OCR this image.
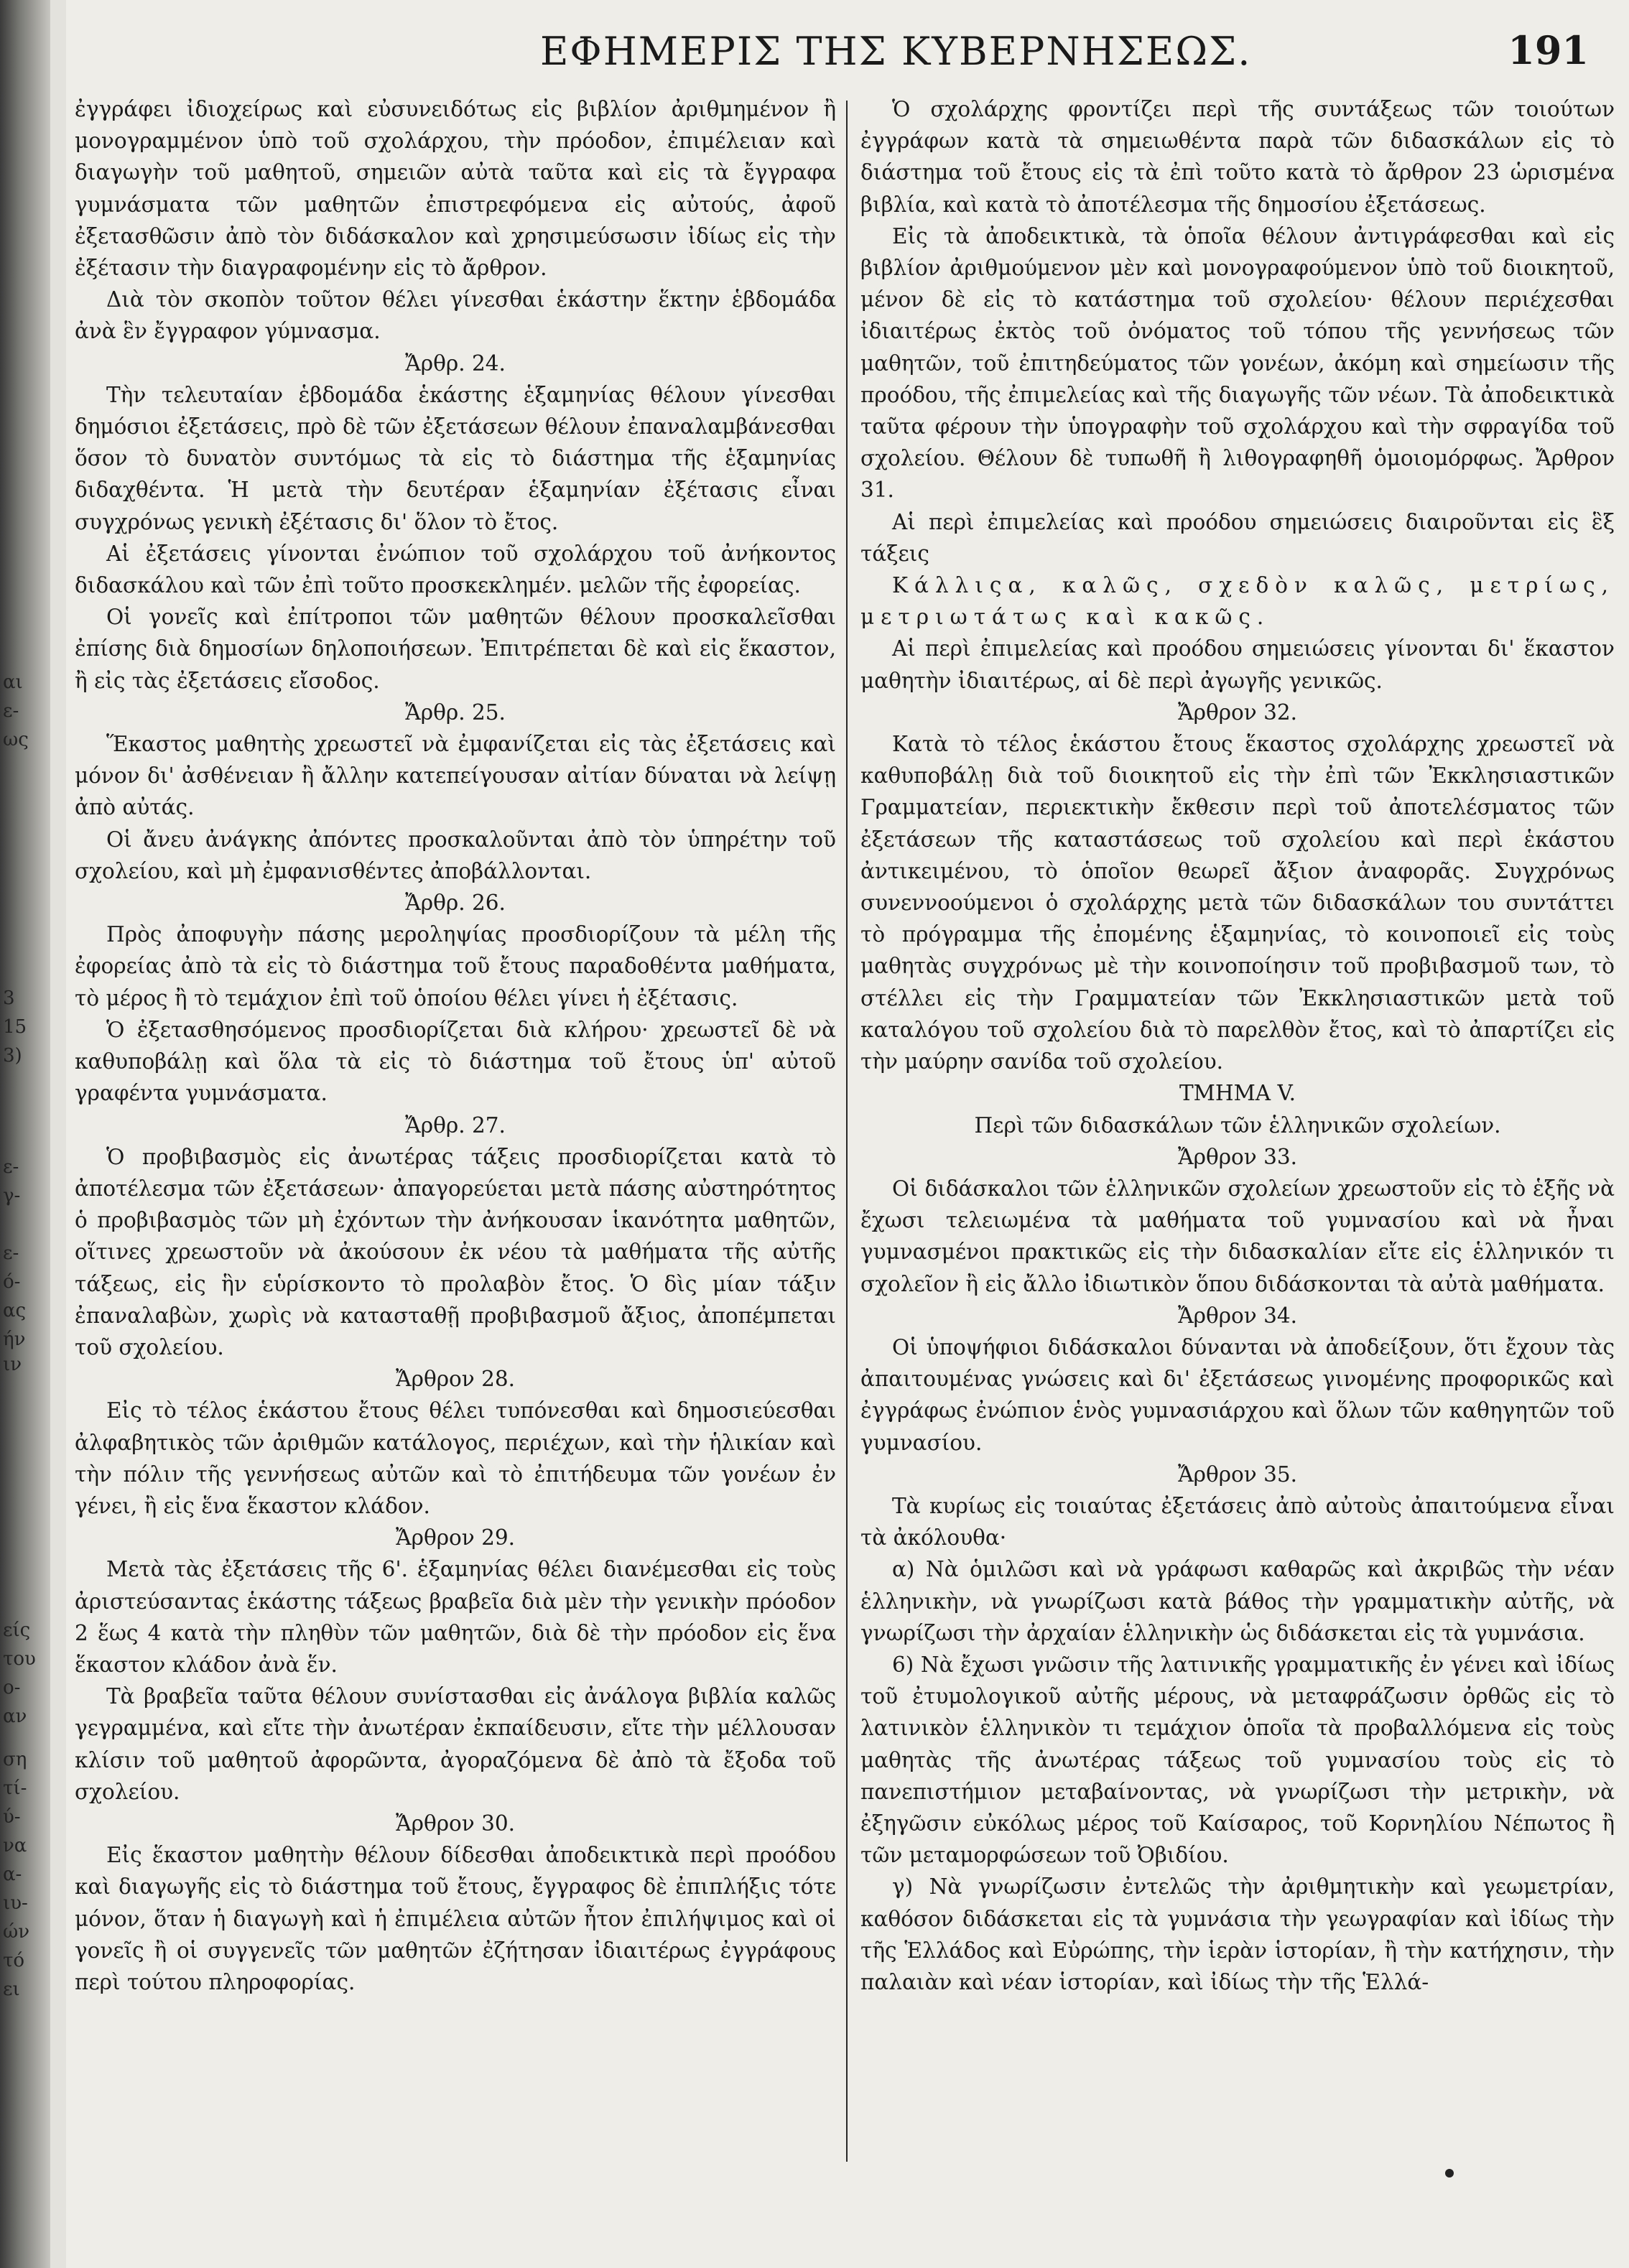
αι
ε-
ως
3
15
3)
ε-
γ-
ε-
ό-
ας
ήν
ιν
είς
του
ο-
αν
ση
τί-
ύ-
να
α-
ιυ-
ών
τό
ει
ΕΦΗΜΕΡΙΣ ΤΗΣ ΚΥΒΕΡΝΗΣΕΩΣ.	191

ἐγγράφει ἰδιοχείρως καὶ εὐσυνειδότως εἰς βιβλίον ἀριθμημένον ἢ μονογραμμένον ὑπὸ τοῦ σχολάρχου, τὴν πρόοδον, ἐπιμέλειαν καὶ διαγωγὴν τοῦ μαθητοῦ, σημειῶν αὐτὰ ταῦτα καὶ εἰς τὰ ἔγγραφα γυμνάσματα τῶν μαθητῶν ἐπιστρεφόμενα εἰς αὐτούς, ἀφοῦ ἐξετασθῶσιν ἀπὸ τὸν διδάσκαλον καὶ χρησιμεύσωσιν ἰδίως εἰς τὴν ἐξέτασιν τὴν διαγραφομένην εἰς τὸ ἄρθρον.

Διὰ τὸν σκοπὸν τοῦτον θέλει γίνεσθαι ἑκάστην ἕκτην ἑβδομάδα ἀνὰ ἓν ἔγγραφον γύμνασμα.

Ἄρθρ. 24.

Τὴν τελευταίαν ἑβδομάδα ἑκάστης ἑξαμηνίας θέλουν γίνεσθαι δημόσιοι ἐξετάσεις, πρὸ δὲ τῶν ἐξετάσεων θέλουν ἐπαναλαμβάνεσθαι ὅσον τὸ δυνατὸν συντόμως τὰ εἰς τὸ διάστημα τῆς ἑξαμηνίας διδαχθέντα. Ἡ μετὰ τὴν δευτέραν ἑξαμηνίαν ἐξέτασις εἶναι συγχρόνως γενικὴ ἐξέτασις δι' ὅλον τὸ ἔτος.

Αἱ ἐξετάσεις γίνονται ἐνώπιον τοῦ σχολάρχου τοῦ ἀνήκοντος διδασκάλου καὶ τῶν ἐπὶ τοῦτο προσκεκλημέν. μελῶν τῆς ἐφορείας.

Οἱ γονεῖς καὶ ἐπίτροποι τῶν μαθητῶν θέλουν προσκαλεῖσθαι ἐπίσης διὰ δημοσίων δηλοποιήσεων. Ἐπιτρέπεται δὲ καὶ εἰς ἕκαστον, ἢ εἰς τὰς ἐξετάσεις εἴσοδος.

Ἄρθρ. 25.

Ἕκαστος μαθητὴς χρεωστεῖ νὰ ἐμφανίζεται εἰς τὰς ἐξετάσεις καὶ μόνον δι' ἀσθένειαν ἢ ἄλλην κατεπείγουσαν αἰτίαν δύναται νὰ λείψῃ ἀπὸ αὐτάς.

Οἱ ἄνευ ἀνάγκης ἀπόντες προσκαλοῦνται ἀπὸ τὸν ὑπηρέτην τοῦ σχολείου, καὶ μὴ ἐμφανισθέντες ἀποβάλλονται.

Ἄρθρ. 26.

Πρὸς ἀποφυγὴν πάσης μεροληψίας προσδιορίζουν τὰ μέλη τῆς ἐφορείας ἀπὸ τὰ εἰς τὸ διάστημα τοῦ ἔτους παραδοθέντα μαθήματα, τὸ μέρος ἢ τὸ τεμάχιον ἐπὶ τοῦ ὁποίου θέλει γίνει ἡ ἐξέτασις.

Ὁ ἐξετασθησόμενος προσδιορίζεται διὰ κλήρου· χρεωστεῖ δὲ νὰ καθυποβάλῃ καὶ ὅλα τὰ εἰς τὸ διάστημα τοῦ ἔτους ὑπ' αὐτοῦ γραφέντα γυμνάσματα.

Ἄρθρ. 27.

Ὁ προβιβασμὸς εἰς ἀνωτέρας τάξεις προσδιορίζεται κατὰ τὸ ἀποτέλεσμα τῶν ἐξετάσεων· ἀπαγορεύεται μετὰ πάσης αὐστηρότητος ὁ προβιβασμὸς τῶν μὴ ἐχόντων τὴν ἀνήκουσαν ἱκανότητα μαθητῶν, οἵτινες χρεωστοῦν νὰ ἀκούσουν ἐκ νέου τὰ μαθήματα τῆς αὐτῆς τάξεως, εἰς ἣν εὑρίσκοντο τὸ προλαβὸν ἔτος. Ὁ δὶς μίαν τάξιν ἐπαναλαβὼν, χωρὶς νὰ κατασταθῇ προβιβασμοῦ ἄξιος, ἀποπέμπεται τοῦ σχολείου.

Ἄρθρον 28.

Εἰς τὸ τέλος ἑκάστου ἔτους θέλει τυπόνεσθαι καὶ δημοσιεύεσθαι ἀλφαβητικὸς τῶν ἀριθμῶν κατάλογος, περιέχων, καὶ τὴν ἡλικίαν καὶ τὴν πόλιν τῆς γεννήσεως αὐτῶν καὶ τὸ ἐπιτήδευμα τῶν γονέων ἐν γένει, ἢ εἰς ἕνα ἕκαστον κλάδον.

Ἄρθρον 29.

Μετὰ τὰς ἐξετάσεις τῆς 6'. ἑξαμηνίας θέλει διανέμεσθαι εἰς τοὺς ἀριστεύσαντας ἑκάστης τάξεως βραβεῖα διὰ μὲν τὴν γενικὴν πρόοδον 2 ἕως 4 κατὰ τὴν πληθὺν τῶν μαθητῶν, διὰ δὲ τὴν πρόοδον εἰς ἕνα ἕκαστον κλάδον ἀνὰ ἕν.

Τὰ βραβεῖα ταῦτα θέλουν συνίστασθαι εἰς ἀνάλογα βιβλία καλῶς γεγραμμένα, καὶ εἴτε τὴν ἀνωτέραν ἐκπαίδευσιν, εἴτε τὴν μέλλουσαν κλίσιν τοῦ μαθητοῦ ἀφορῶντα, ἀγοραζόμενα δὲ ἀπὸ τὰ ἔξοδα τοῦ σχολείου.

Ἄρθρον 30.

Εἰς ἕκαστον μαθητὴν θέλουν δίδεσθαι ἀποδεικτικὰ περὶ προόδου καὶ διαγωγῆς εἰς τὸ διάστημα τοῦ ἔτους, ἔγγραφος δὲ ἐπιπλήξις τότε μόνον, ὅταν ἡ διαγωγὴ καὶ ἡ ἐπιμέλεια αὐτῶν ἦτον ἐπιλήψιμος καὶ οἱ γονεῖς ἢ οἱ συγγενεῖς τῶν μαθητῶν ἐζήτησαν ἰδιαιτέρως ἐγγράφους περὶ τούτου πληροφορίας.

Ὁ σχολάρχης φροντίζει περὶ τῆς συντάξεως τῶν τοιούτων ἐγγράφων κατὰ τὰ σημειωθέντα παρὰ τῶν διδασκάλων εἰς τὸ διάστημα τοῦ ἔτους εἰς τὰ ἐπὶ τοῦτο κατὰ τὸ ἄρθρον 23 ὡρισμένα βιβλία, καὶ κατὰ τὸ ἀποτέλεσμα τῆς δημοσίου ἐξετάσεως.

Εἰς τὰ ἀποδεικτικὰ, τὰ ὁποῖα θέλουν ἀντιγράφεσθαι καὶ εἰς βιβλίον ἀριθμούμενον μὲν καὶ μονογραφούμενον ὑπὸ τοῦ διοικητοῦ, μένον δὲ εἰς τὸ κατάστημα τοῦ σχολείου· θέλουν περιέχεσθαι ἰδιαιτέρως ἐκτὸς τοῦ ὀνόματος τοῦ τόπου τῆς γεννήσεως τῶν μαθητῶν, τοῦ ἐπιτηδεύματος τῶν γονέων, ἀκόμη καὶ σημείωσιν τῆς προόδου, τῆς ἐπιμελείας καὶ τῆς διαγωγῆς τῶν νέων. Τὰ ἀποδεικτικὰ ταῦτα φέρουν τὴν ὑπογραφὴν τοῦ σχολάρχου καὶ τὴν σφραγίδα τοῦ σχολείου. Θέλουν δὲ τυπωθῆ ἢ λιθογραφηθῆ ὁμοιομόρφως. Ἄρθρον 31.

Αἱ περὶ ἐπιμελείας καὶ προόδου σημειώσεις διαιροῦνται εἰς ἓξ τάξεις

Κάλλιςα, καλῶς, σχεδὸν καλῶς, μετρίως, μετριωτάτως καὶ κακῶς.

Αἱ περὶ ἐπιμελείας καὶ προόδου σημειώσεις γίνονται δι' ἕκαστον μαθητὴν ἰδιαιτέρως, αἱ δὲ περὶ ἀγωγῆς γενικῶς.

Ἄρθρον 32.

Κατὰ τὸ τέλος ἑκάστου ἔτους ἕκαστος σχολάρχης χρεωστεῖ νὰ καθυποβάλῃ διὰ τοῦ διοικητοῦ εἰς τὴν ἐπὶ τῶν Ἐκκλησιαστικῶν Γραμματείαν, περιεκτικὴν ἔκθεσιν περὶ τοῦ ἀποτελέσματος τῶν ἐξετάσεων τῆς καταστάσεως τοῦ σχολείου καὶ περὶ ἑκάστου ἀντικειμένου, τὸ ὁποῖον θεωρεῖ ἄξιον ἀναφορᾶς. Συγχρόνως συνεννοούμενοι ὁ σχολάρχης μετὰ τῶν διδασκάλων του συντάττει τὸ πρόγραμμα τῆς ἐπομένης ἑξαμηνίας, τὸ κοινοποιεῖ εἰς τοὺς μαθητὰς συγχρόνως μὲ τὴν κοινοποίησιν τοῦ προβιβασμοῦ των, τὸ στέλλει εἰς τὴν Γραμματείαν τῶν Ἐκκλησιαστικῶν μετὰ τοῦ καταλόγου τοῦ σχολείου διὰ τὸ παρελθὸν ἔτος, καὶ τὸ ἀπαρτίζει εἰς τὴν μαύρην σανίδα τοῦ σχολείου.

ΤΜΗΜΑ V.

Περὶ τῶν διδασκάλων τῶν ἑλληνικῶν σχολείων.

Ἄρθρον 33.

Οἱ διδάσκαλοι τῶν ἑλληνικῶν σχολείων χρεωστοῦν εἰς τὸ ἑξῆς νὰ ἔχωσι τελειωμένα τὰ μαθήματα τοῦ γυμνασίου καὶ νὰ ἦναι γυμνασμένοι πρακτικῶς εἰς τὴν διδασκαλίαν εἴτε εἰς ἑλληνικόν τι σχολεῖον ἢ εἰς ἄλλο ἰδιωτικὸν ὅπου διδάσκονται τὰ αὐτὰ μαθήματα.

Ἄρθρον 34.

Οἱ ὑποψήφιοι διδάσκαλοι δύνανται νὰ ἀποδείξουν, ὅτι ἔχουν τὰς ἀπαιτουμένας γνώσεις καὶ δι' ἐξετάσεως γινομένης προφορικῶς καὶ ἐγγράφως ἐνώπιον ἑνὸς γυμνασιάρχου καὶ ὅλων τῶν καθηγητῶν τοῦ γυμνασίου.

Ἄρθρον 35.

Τὰ κυρίως εἰς τοιαύτας ἐξετάσεις ἀπὸ αὐτοὺς ἀπαιτούμενα εἶναι τὰ ἀκόλουθα·

α) Νὰ ὁμιλῶσι καὶ νὰ γράφωσι καθαρῶς καὶ ἀκριβῶς τὴν νέαν ἑλληνικὴν, νὰ γνωρίζωσι κατὰ βάθος τὴν γραμματικὴν αὐτῆς, νὰ γνωρίζωσι τὴν ἀρχαίαν ἑλληνικὴν ὡς διδάσκεται εἰς τὰ γυμνάσια.

6) Νὰ ἔχωσι γνῶσιν τῆς λατινικῆς γραμματικῆς ἐν γένει καὶ ἰδίως τοῦ ἐτυμολογικοῦ αὐτῆς μέρους, νὰ μεταφράζωσιν ὀρθῶς εἰς τὸ λατινικὸν ἑλληνικὸν τι τεμάχιον ὁποῖα τὰ προβαλλόμενα εἰς τοὺς μαθητὰς τῆς ἀνωτέρας τάξεως τοῦ γυμνασίου τοὺς εἰς τὸ πανεπιστήμιον μεταβαίνοντας, νὰ γνωρίζωσι τὴν μετρικὴν, νὰ ἐξηγῶσιν εὐκόλως μέρος τοῦ Καίσαρος, τοῦ Κορνηλίου Νέπωτος ἢ τῶν μεταμορφώσεων τοῦ Ὀβιδίου.

γ) Νὰ γνωρίζωσιν ἐντελῶς τὴν ἀριθμητικὴν καὶ γεωμετρίαν, καθόσον διδάσκεται εἰς τὰ γυμνάσια τὴν γεωγραφίαν καὶ ἰδίως τὴν τῆς Ἑλλάδος καὶ Εὐρώπης, τὴν ἱερὰν ἱστορίαν, ἢ τὴν κατήχησιν, τὴν παλαιὰν καὶ νέαν ἱστορίαν, καὶ ἰδίως τὴν τῆς Ἑλλά-
